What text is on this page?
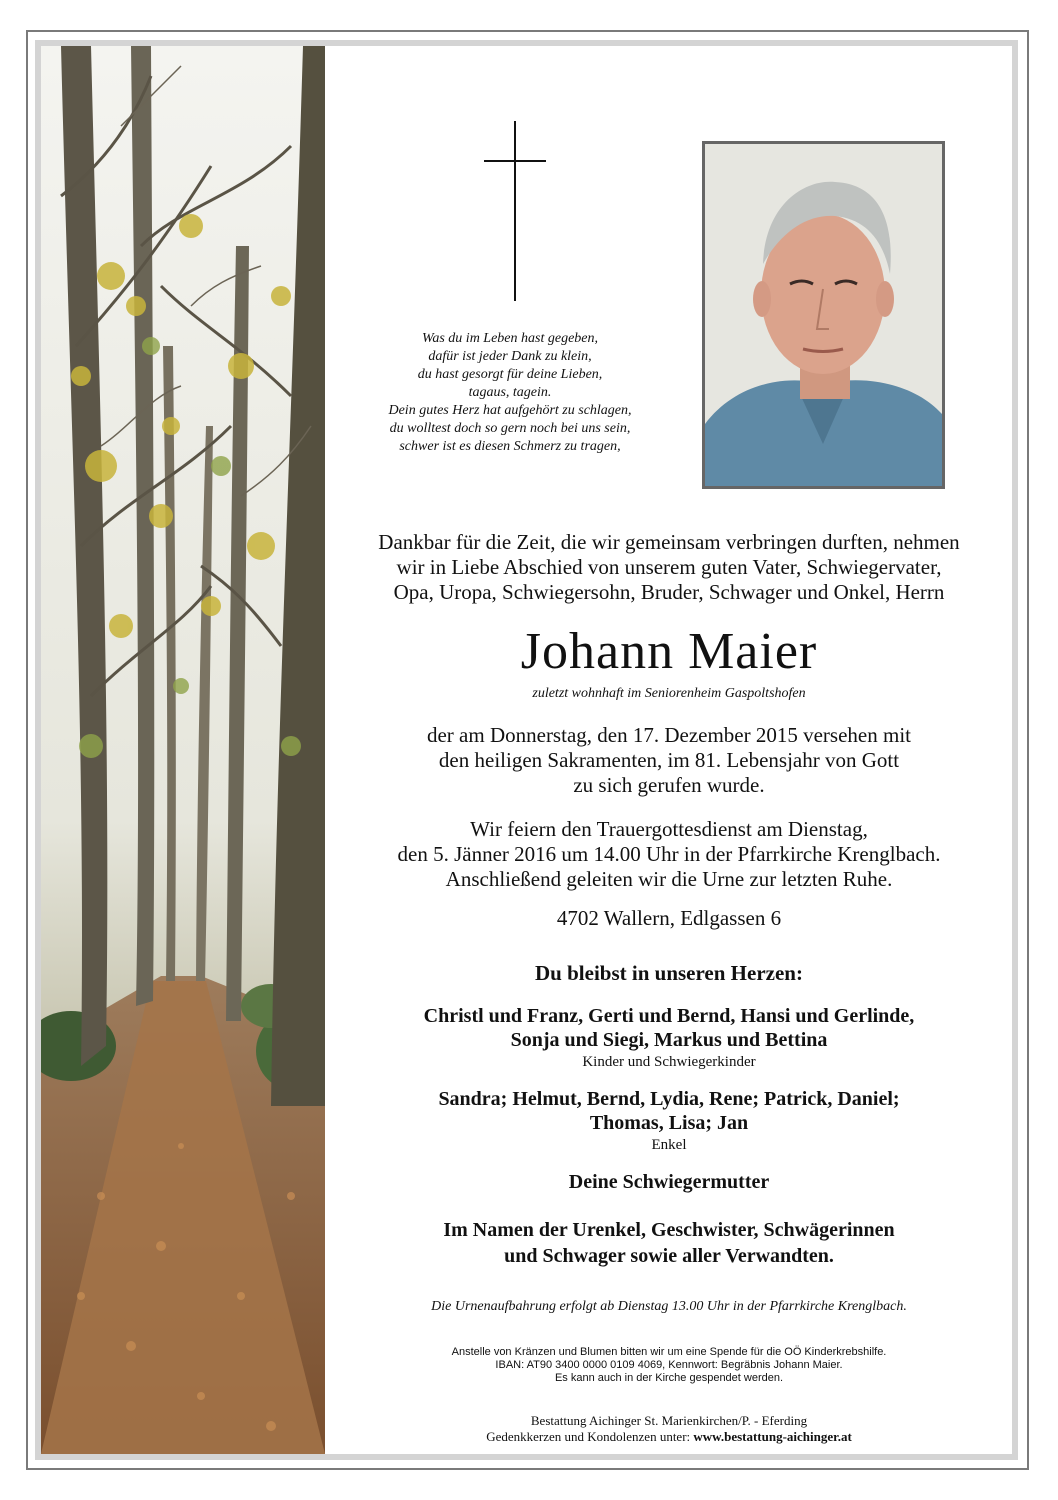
Was du im Leben hast gegeben,
dafür ist jeder Dank zu klein,
du hast gesorgt für deine Lieben,
tagaus, tagein.
Dein gutes Herz hat aufgehört zu schlagen,
du wolltest doch so gern noch bei uns sein,
schwer ist es diesen Schmerz zu tragen,
Dankbar für die Zeit, die wir gemeinsam verbringen durften, nehmen
wir in Liebe Abschied von unserem guten Vater, Schwiegervater,
Opa, Uropa, Schwiegersohn, Bruder, Schwager und Onkel, Herrn
Johann Maier
zuletzt wohnhaft im Seniorenheim Gaspoltshofen
der am Donnerstag, den 17. Dezember 2015 versehen mit
den heiligen Sakramenten, im 81. Lebensjahr von Gott
zu sich gerufen wurde.
Wir feiern den Trauergottesdienst am Dienstag,
den 5. Jänner 2016 um 14.00 Uhr in der Pfarrkirche Krenglbach.
Anschließend geleiten wir die Urne zur letzten Ruhe.
4702 Wallern, Edlgassen 6
Du bleibst in unseren Herzen:
Christl und Franz, Gerti und Bernd, Hansi und Gerlinde,
Sonja und Siegi, Markus und Bettina
Kinder und Schwiegerkinder
Sandra; Helmut, Bernd, Lydia, Rene; Patrick, Daniel;
Thomas, Lisa; Jan
Enkel
Deine Schwiegermutter
Im Namen der Urenkel, Geschwister, Schwägerinnen
und Schwager sowie aller Verwandten.
Die Urnenaufbahrung erfolgt ab Dienstag 13.00 Uhr in der Pfarrkirche Krenglbach.
Anstelle von Kränzen und Blumen bitten wir um eine Spende für die OÖ Kinderkrebshilfe.
IBAN: AT90 3400 0000 0109 4069, Kennwort: Begräbnis Johann Maier.
Es kann auch in der Kirche gespendet werden.
Bestattung Aichinger St. Marienkirchen/P. - Eferding
Gedenkkerzen und Kondolenzen unter: www.bestattung-aichinger.at
